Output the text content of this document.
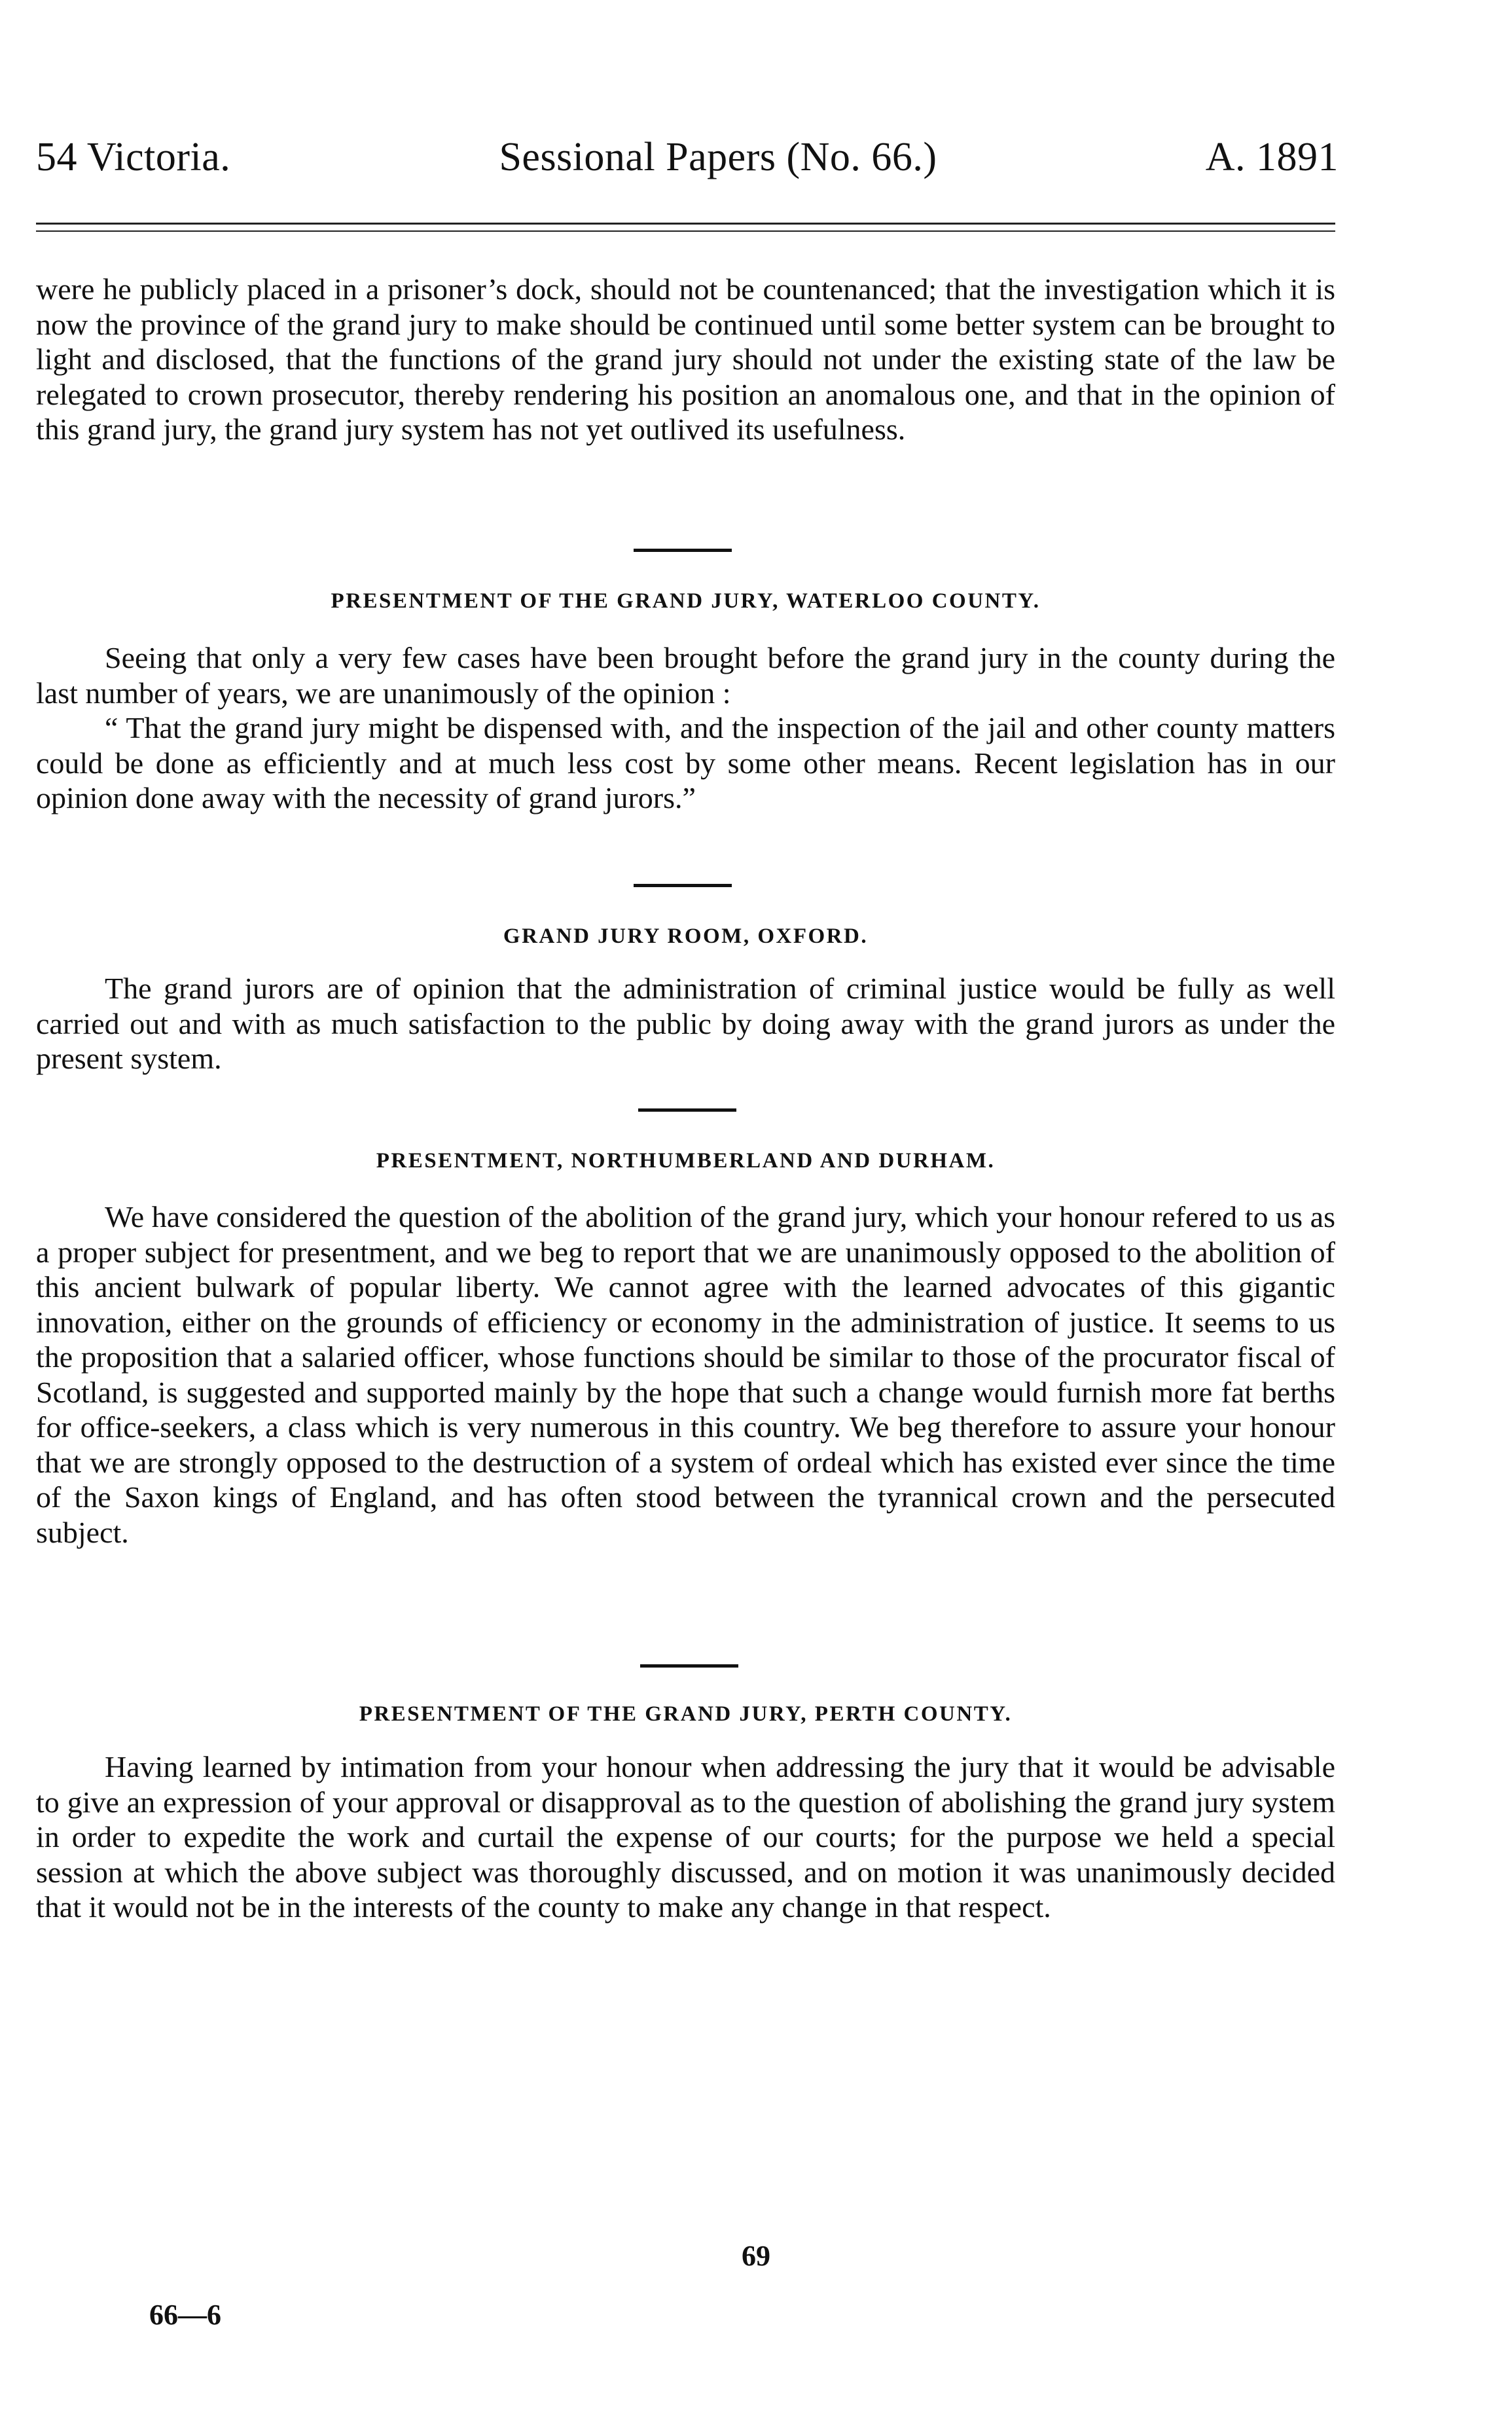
54 Victoria.	Sessional Papers (No. 66.)	A. 1891

were he publicly placed in a prisoner’s dock, should not be countenanced; that the investigation which it is now the province of the grand jury to make should be continued until some better system can be brought to light and disclosed, that the functions of the grand jury should not under the existing state of the law be relegated to crown prosecutor, thereby rendering his position an anomalous one, and that in the opinion of this grand jury, the grand jury system has not yet outlived its usefulness.

PRESENTMENT OF THE GRAND JURY, WATERLOO COUNTY.

Seeing that only a very few cases have been brought before the grand jury in the county during the last number of years, we are unanimously of the opinion :

“ That the grand jury might be dispensed with, and the inspection of the jail and other county matters could be done as efficiently and at much less cost by some other means. Recent legislation has in our opinion done away with the necessity of grand jurors.”

GRAND JURY ROOM, OXFORD.

The grand jurors are of opinion that the administration of criminal justice would be fully as well carried out and with as much satisfaction to the public by doing away with the grand jurors as under the present system.

PRESENTMENT, NORTHUMBERLAND AND DURHAM.

We have considered the question of the abolition of the grand jury, which your honour refered to us as a proper subject for presentment, and we beg to report that we are unanimously opposed to the abolition of this ancient bulwark of popular liberty. We cannot agree with the learned advocates of this gigantic innovation, either on the grounds of efficiency or economy in the administration of justice. It seems to us the proposition that a salaried officer, whose functions should be similar to those of the procurator fiscal of Scotland, is suggested and supported mainly by the hope that such a change would furnish more fat berths for office-seekers, a class which is very numerous in this country. We beg therefore to assure your honour that we are strongly opposed to the destruction of a system of ordeal which has existed ever since the time of the Saxon kings of England, and has often stood between the tyrannical crown and the persecuted subject.

PRESENTMENT OF THE GRAND JURY, PERTH COUNTY.

Having learned by intimation from your honour when addressing the jury that it would be advisable to give an expression of your approval or disapproval as to the question of abolishing the grand jury system in order to expedite the work and curtail the expense of our courts; for the purpose we held a special session at which the above subject was thoroughly discussed, and on motion it was unanimously decided that it would not be in the interests of the county to make any change in that respect.

69
66—6
